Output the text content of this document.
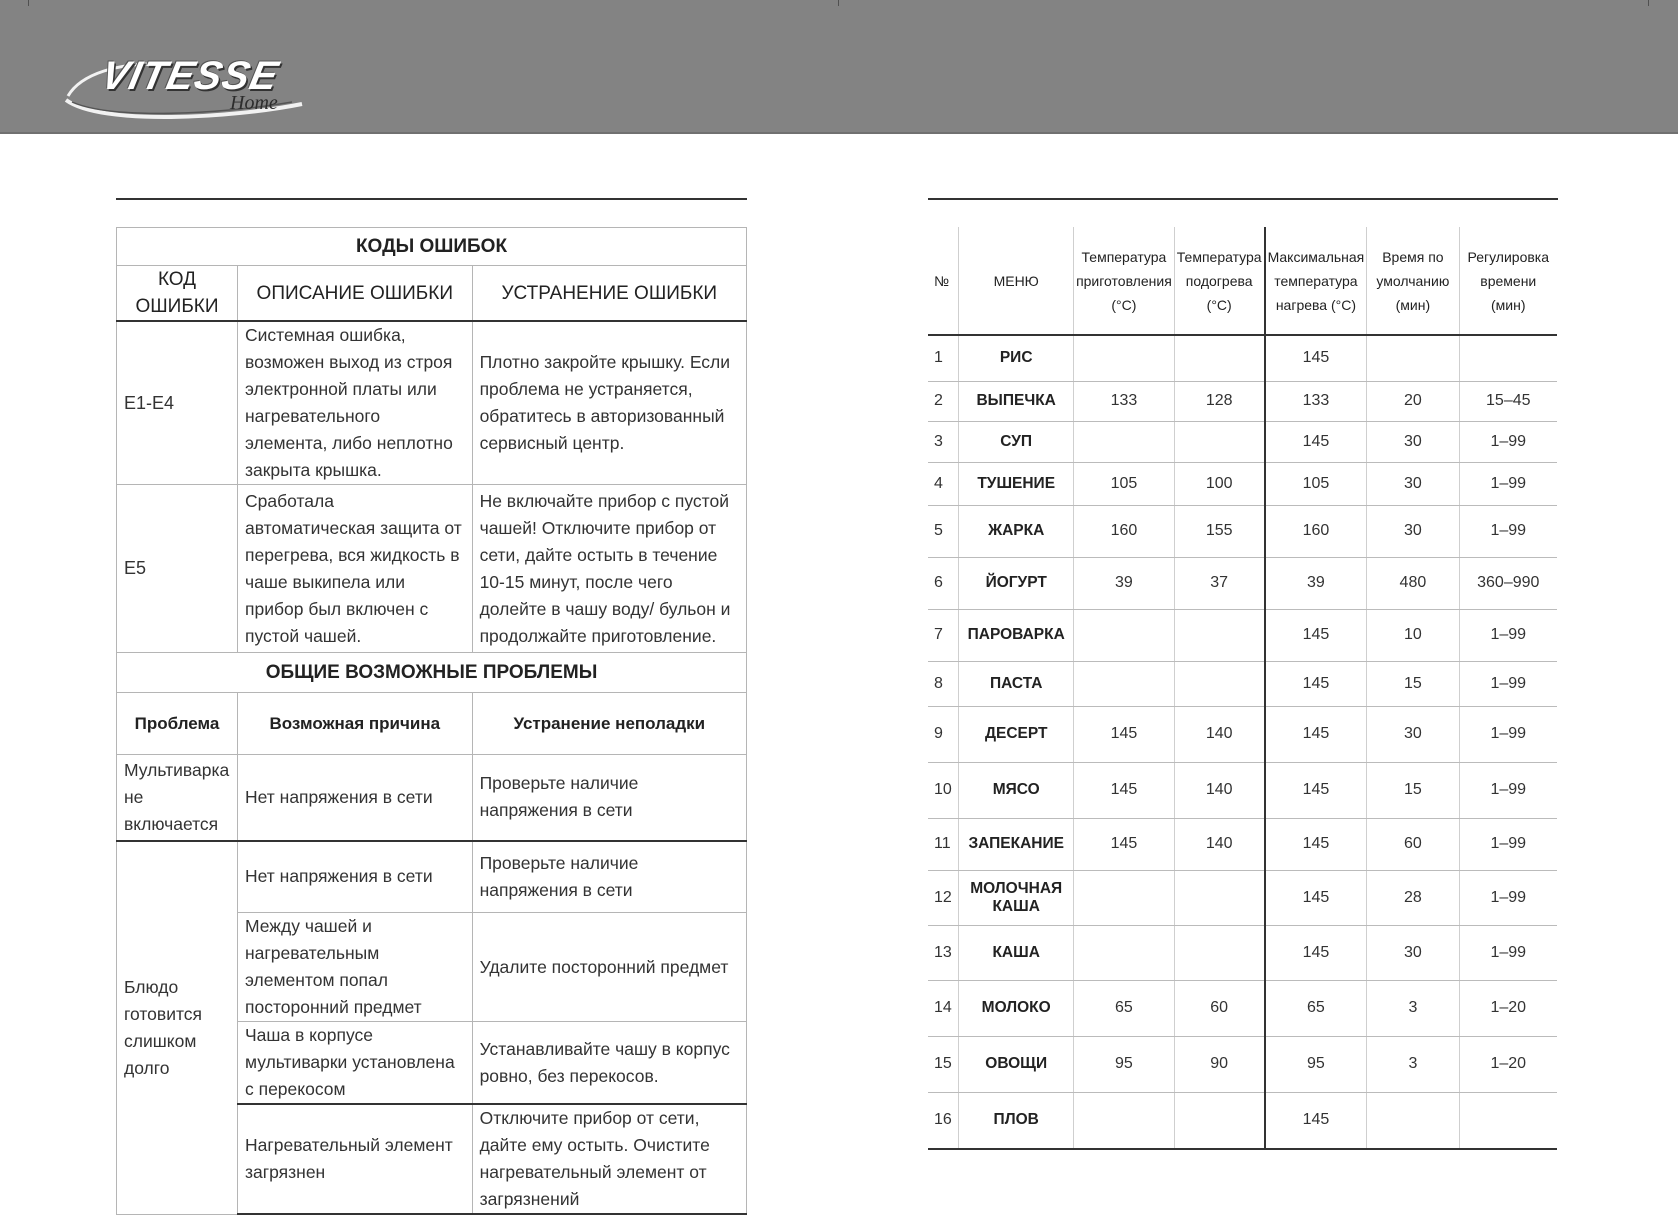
VITESSE
Home
КОДЫ ОШИБОК		
КОД ОШИБКИ	ОПИСАНИЕ ОШИБКИ	УСТРАНЕНИЕ ОШИБКИ
E1-E4	Системная ошибка, возможен выход из строя электронной платы или нагревательного элемента, либо неплотно закрыта крышка.	Плотно закройте крышку. Если проблема не устраняется, обратитесь в авторизованный сервисный центр.
E5	Сработала автоматическая защита от перегрева, вся жидкость в чаше выкипела или прибор был включен с пустой чашей.	Не включайте прибор с пустой чашей! Отключите прибор от сети, дайте остыть в течение 10-15 минут, после чего долейте в чашу воду/ бульон и продолжайте приготовление.
ОБЩИЕ ВОЗМОЖНЫЕ ПРОБЛЕМЫ		
Проблема	Возможная причина	Устранение неполадки
Мультиварка не включается	Нет напряжения в сети	Проверьте наличие напряжения в сети
Блюдо готовится слишком долго	Нет напряжения в сети	Проверьте наличие напряжения в сети
	Между чашей и нагревательным элементом попал посторонний предмет	Удалите посторонний предмет
	Чаша в корпусе мультиварки установлена с перекосом	Устанавливайте чашу в корпус ровно, без перекосов.
	Нагревательный элемент загрязнен	Отключите прибор от сети, дайте ему остыть. Очистите нагревательный элемент от загрязнений
№	МЕНЮ	Температура приготовления (°С)	Температура подогрева (°С)	Максимальная температура нагрева (°С)	Время по умолчанию (мин)	Регулировка времени (мин)
1	РИС			145		
2	ВЫПЕЧКА	133	128	133	20	15–45
3	СУП			145	30	1–99
4	ТУШЕНИЕ	105	100	105	30	1–99
5	ЖАРКА	160	155	160	30	1–99
6	ЙОГУРТ	39	37	39	480	360–990
7	ПАРОВАРКА			145	10	1–99
8	ПАСТА			145	15	1–99
9	ДЕСЕРТ	145	140	145	30	1–99
10	МЯСО	145	140	145	15	1–99
11	ЗАПЕКАНИЕ	145	140	145	60	1–99
12	МОЛОЧНАЯ КАША			145	28	1–99
13	КАША			145	30	1–99
14	МОЛОКО	65	60	65	3	1–20
15	ОВОЩИ	95	90	95	3	1–20
16	ПЛОВ			145		
